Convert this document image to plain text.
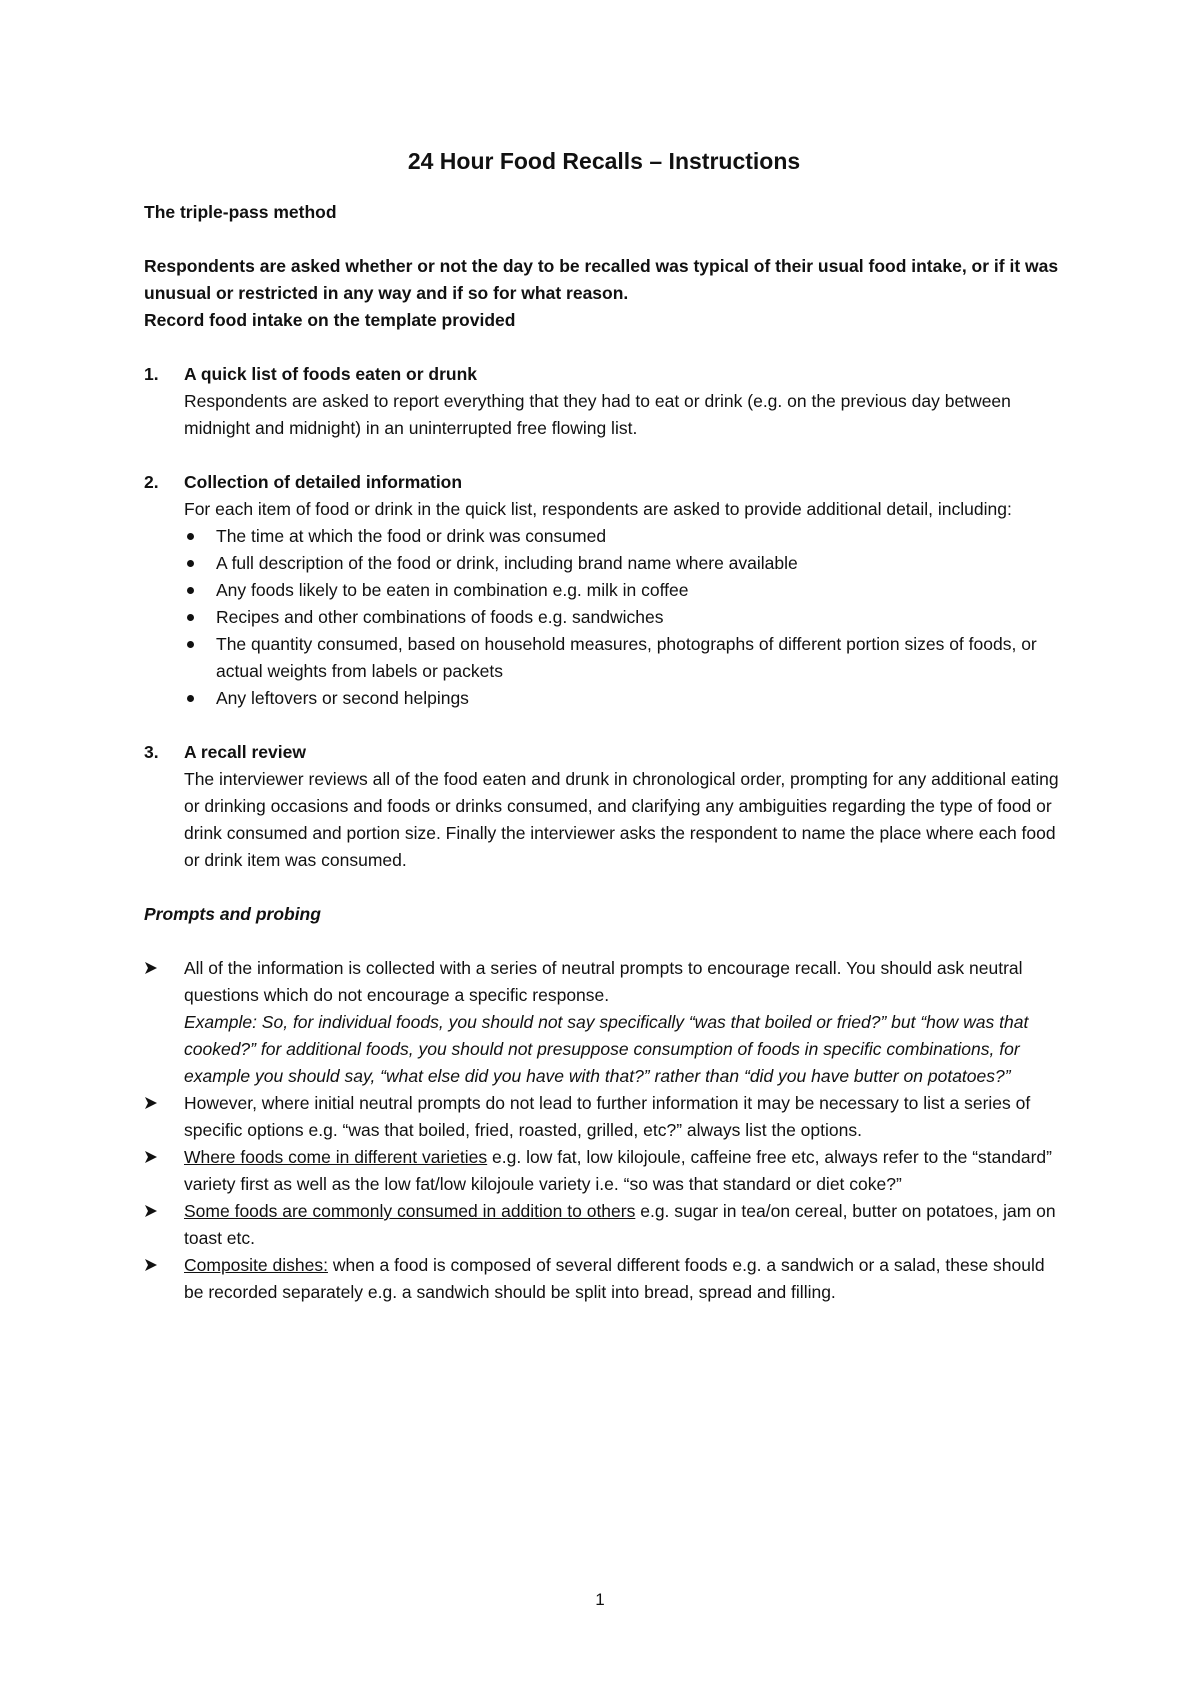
24 Hour Food Recalls – Instructions

The triple-pass method

Respondents are asked whether or not the day to be recalled was typical of their usual food intake, or if it was unusual or restricted in any way and if so for what reason.

Record food intake on the template provided

1. A quick list of foods eaten or drunk

Respondents are asked to report everything that they had to eat or drink (e.g. on the previous day between midnight and midnight) in an uninterrupted free flowing list.

2. Collection of detailed information

For each item of food or drink in the quick list, respondents are asked to provide additional detail, including:

The time at which the food or drink was consumed
A full description of the food or drink, including brand name where available
Any foods likely to be eaten in combination e.g. milk in coffee
Recipes and other combinations of foods e.g. sandwiches
The quantity consumed, based on household measures, photographs of different portion sizes of foods, or actual weights from labels or packets
Any leftovers or second helpings
3. A recall review

The interviewer reviews all of the food eaten and drunk in chronological order, prompting for any additional eating or drinking occasions and foods or drinks consumed, and clarifying any ambiguities regarding the type of food or drink consumed and portion size. Finally the interviewer asks the respondent to name the place where each food or drink item was consumed.

Prompts and probing

All of the information is collected with a series of neutral prompts to encourage recall. You should ask neutral questions which do not encourage a specific response.

Example: So, for individual foods, you should not say specifically “was that boiled or fried?” but “how was that cooked?” for additional foods, you should not presuppose consumption of foods in specific combinations, for example you should say, “what else did you have with that?” rather than “did you have butter on potatoes?”

However, where initial neutral prompts do not lead to further information it may be necessary to list a series of specific options e.g. “was that boiled, fried, roasted, grilled, etc?” always list the options.

Where foods come in different varieties e.g. low fat, low kilojoule, caffeine free etc, always refer to the “standard” variety first as well as the low fat/low kilojoule variety i.e. “so was that standard or diet coke?”

Some foods are commonly consumed in addition to others e.g. sugar in tea/on cereal, butter on potatoes, jam on toast etc.

Composite dishes: when a food is composed of several different foods e.g. a sandwich or a salad, these should be recorded separately e.g. a sandwich should be split into bread, spread and filling.

1
